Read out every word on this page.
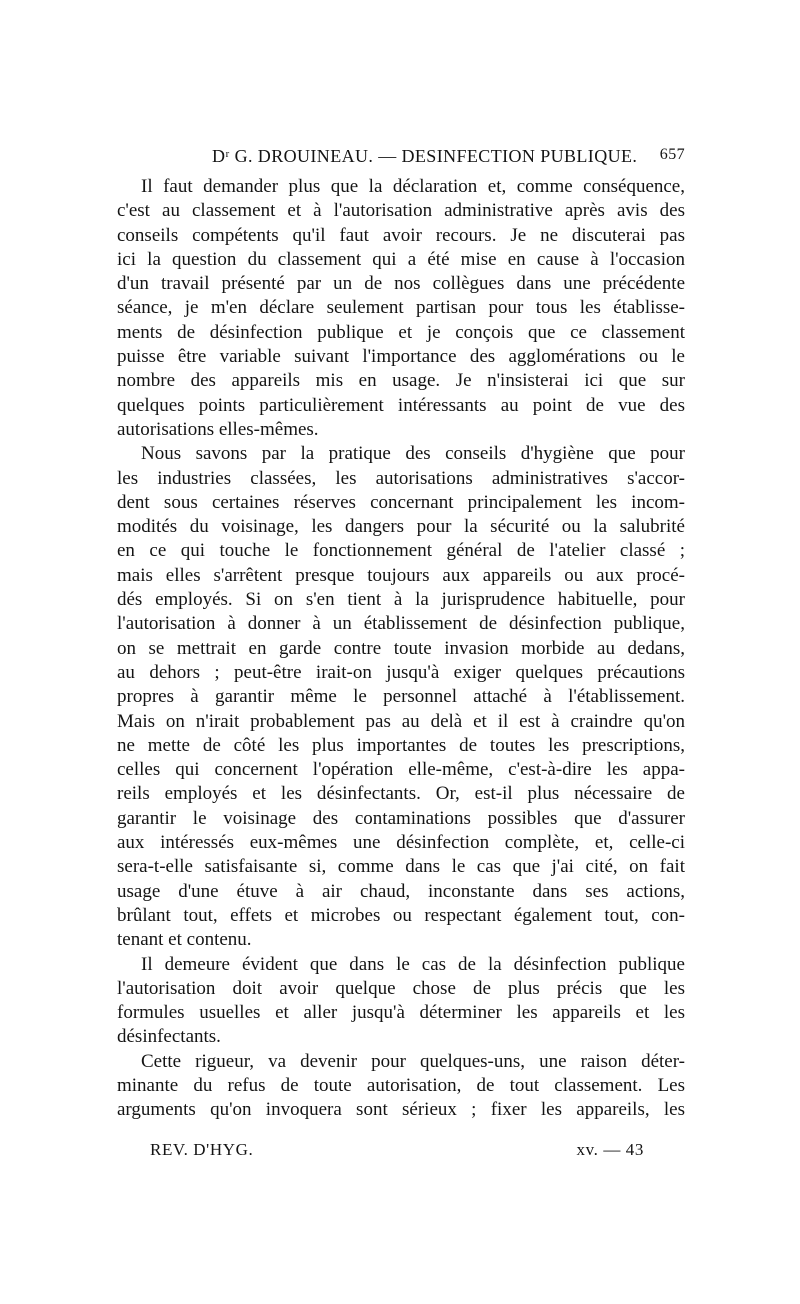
Dʳ G. DROUINEAU. — DESINFECTION PUBLIQUE. 657
Il faut demander plus que la déclaration et, comme conséquence,
c'est au classement et à l'autorisation administrative après avis des
conseils compétents qu'il faut avoir recours. Je ne discuterai pas
ici la question du classement qui a été mise en cause à l'occasion
d'un travail présenté par un de nos collègues dans une précédente
séance, je m'en déclare seulement partisan pour tous les établisse-
ments de désinfection publique et je conçois que ce classement
puisse être variable suivant l'importance des agglomérations ou le
nombre des appareils mis en usage. Je n'insisterai ici que sur
quelques points particulièrement intéressants au point de vue des
autorisations elles-mêmes.
Nous savons par la pratique des conseils d'hygiène que pour
les industries classées, les autorisations administratives s'accor-
dent sous certaines réserves concernant principalement les incom-
modités du voisinage, les dangers pour la sécurité ou la salubrité
en ce qui touche le fonctionnement général de l'atelier classé ;
mais elles s'arrêtent presque toujours aux appareils ou aux procé-
dés employés. Si on s'en tient à la jurisprudence habituelle, pour
l'autorisation à donner à un établissement de désinfection publique,
on se mettrait en garde contre toute invasion morbide au dedans,
au dehors ; peut-être irait-on jusqu'à exiger quelques précautions
propres à garantir même le personnel attaché à l'établissement.
Mais on n'irait probablement pas au delà et il est à craindre qu'on
ne mette de côté les plus importantes de toutes les prescriptions,
celles qui concernent l'opération elle-même, c'est-à-dire les appa-
reils employés et les désinfectants. Or, est-il plus nécessaire de
garantir le voisinage des contaminations possibles que d'assurer
aux intéressés eux-mêmes une désinfection complète, et, celle-ci
sera-t-elle satisfaisante si, comme dans le cas que j'ai cité, on fait
usage d'une étuve à air chaud, inconstante dans ses actions,
brûlant tout, effets et microbes ou respectant également tout, con-
tenant et contenu.
Il demeure évident que dans le cas de la désinfection publique
l'autorisation doit avoir quelque chose de plus précis que les
formules usuelles et aller jusqu'à déterminer les appareils et les
désinfectants.
Cette rigueur, va devenir pour quelques-uns, une raison déter-
minante du refus de toute autorisation, de tout classement. Les
arguments qu'on invoquera sont sérieux ; fixer les appareils, les
REV. D'HYG.	xv. — 43
